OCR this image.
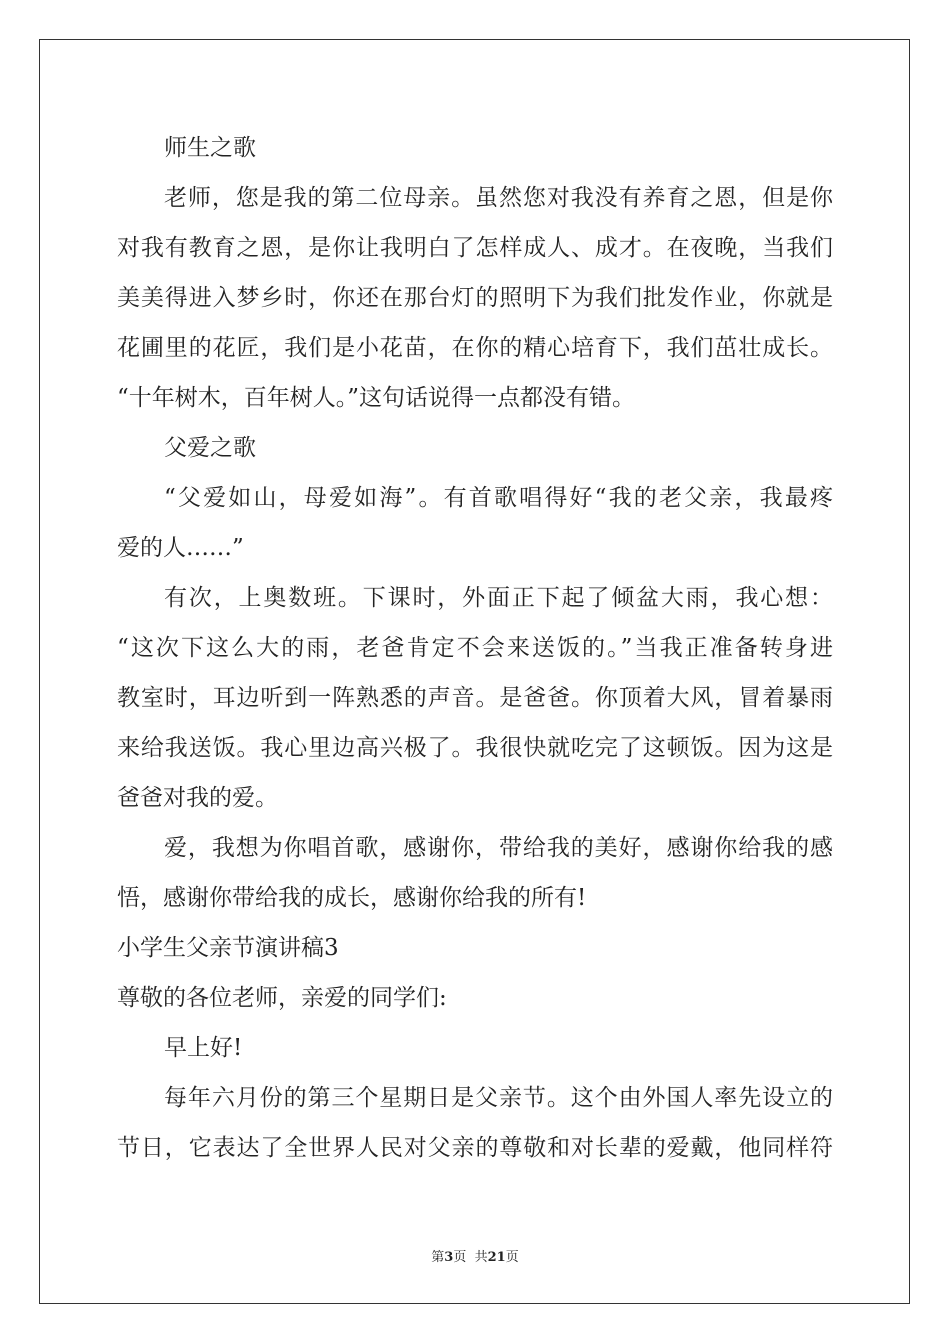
师生之歌
老师，您是我的第二位母亲。虽然您对我没有养育之恩，但是你
对我有教育之恩，是你让我明白了怎样成人、成才。在夜晚，当我们
美美得进入梦乡时，你还在那台灯的照明下为我们批发作业，你就是
花圃里的花匠，我们是小花苗，在你的精心培育下，我们茁壮成长。
“十年树木，百年树人。”这句话说得一点都没有错。
父爱之歌
“父爱如山，母爱如海”。有首歌唱得好“我的老父亲，我最疼
爱的人……”
有次，上奥数班。下课时，外面正下起了倾盆大雨，我心想：
“这次下这么大的雨，老爸肯定不会来送饭的。”当我正准备转身进
教室时，耳边听到一阵熟悉的声音。是爸爸。你顶着大风，冒着暴雨
来给我送饭。我心里边高兴极了。我很快就吃完了这顿饭。因为这是
爸爸对我的爱。
爱，我想为你唱首歌，感谢你，带给我的美好，感谢你给我的感
悟，感谢你带给我的成长，感谢你给我的所有!
小学生父亲节演讲稿3
尊敬的各位老师，亲爱的同学们:
早上好!
每年六月份的第三个星期日是父亲节。这个由外国人率先设立的
节日，它表达了全世界人民对父亲的尊敬和对长辈的爱戴，他同样符
第3页  共21页
